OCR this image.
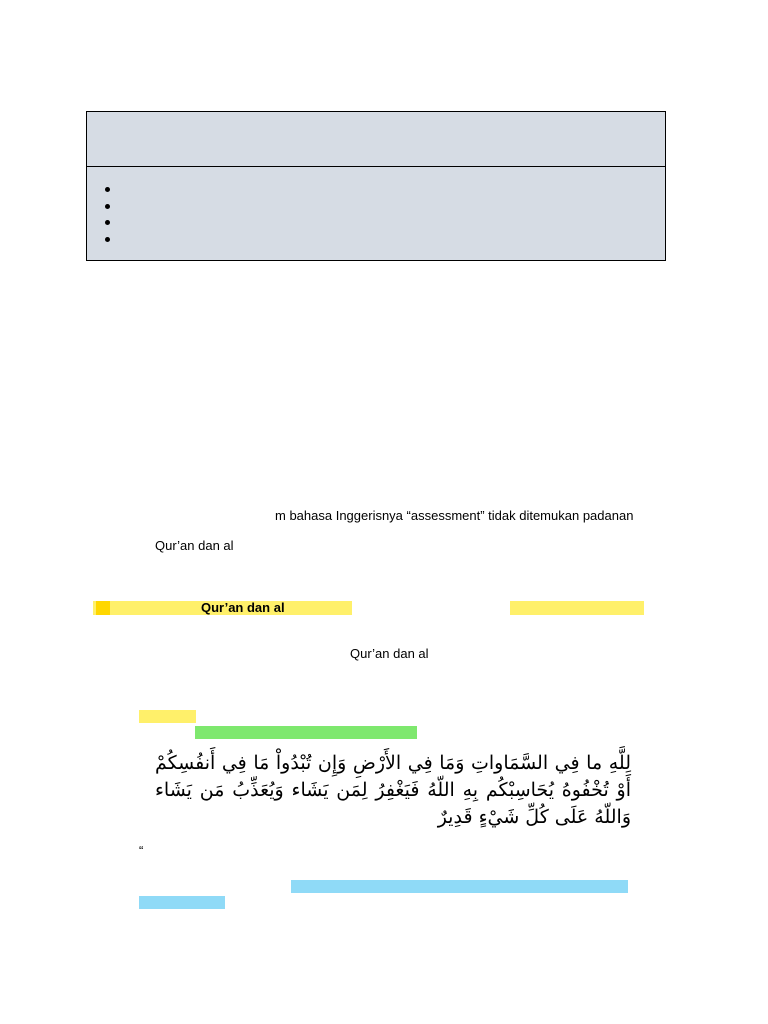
m bahasa Inggerisnya “assessment” tidak ditemukan padanan
Qur’an dan al
Qur’an dan al
Qur’an dan al
لِلَّهِ ما فِي السَّمَاواتِ وَمَا فِي الأَرْضِ وَإِن تُبْدُواْ مَا فِي أَنفُسِكُمْ أَوْ تُخْفُوهُ يُحَاسِبْكُم بِهِ اللّهُ فَيَغْفِرُ لِمَن يَشَاء وَيُعَذِّبُ مَن يَشَاء وَاللّهُ عَلَى كُلِّ شَيْءٍ قَدِيرٌ
“
